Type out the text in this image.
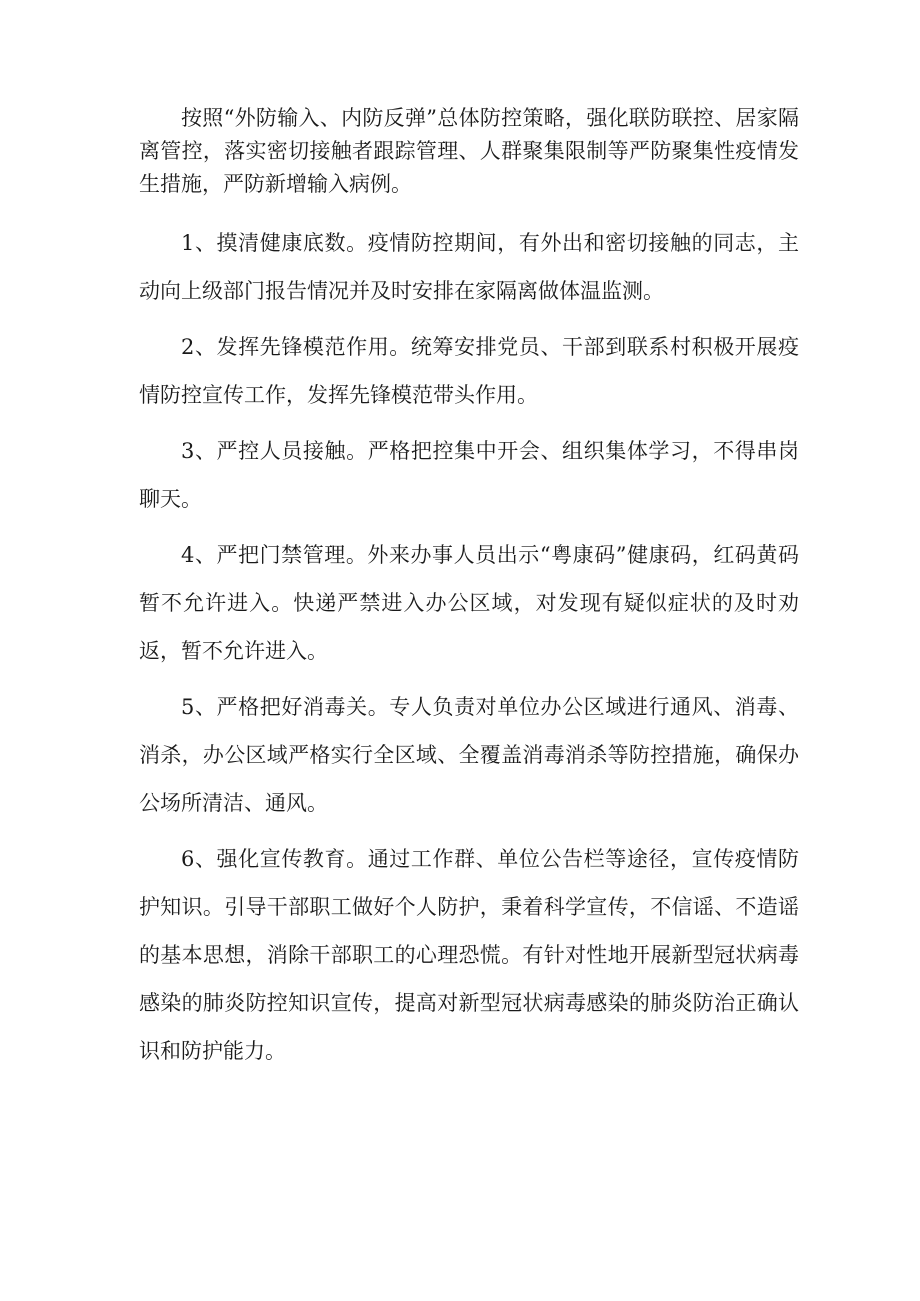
按照“外防输入、内防反弹”总体防控策略，强化联防联控、居家隔离管控，落实密切接触者跟踪管理、人群聚集限制等严防聚集性疫情发生措施，严防新增输入病例。

1、摸清健康底数。疫情防控期间，有外出和密切接触的同志，主动向上级部门报告情况并及时安排在家隔离做体温监测。

2、发挥先锋模范作用。统筹安排党员、干部到联系村积极开展疫情防控宣传工作，发挥先锋模范带头作用。

3、严控人员接触。严格把控集中开会、组织集体学习，不得串岗聊天。

4、严把门禁管理。外来办事人员出示“粤康码”健康码，红码黄码暂不允许进入。快递严禁进入办公区域，对发现有疑似症状的及时劝返，暂不允许进入。

5、严格把好消毒关。专人负责对单位办公区域进行通风、消毒、消杀，办公区域严格实行全区域、全覆盖消毒消杀等防控措施，确保办公场所清洁、通风。

6、强化宣传教育。通过工作群、单位公告栏等途径，宣传疫情防护知识。引导干部职工做好个人防护，秉着科学宣传，不信谣、不造谣的基本思想，消除干部职工的心理恐慌。有针对性地开展新型冠状病毒感染的肺炎防控知识宣传，提高对新型冠状病毒感染的肺炎防治正确认识和防护能力。
